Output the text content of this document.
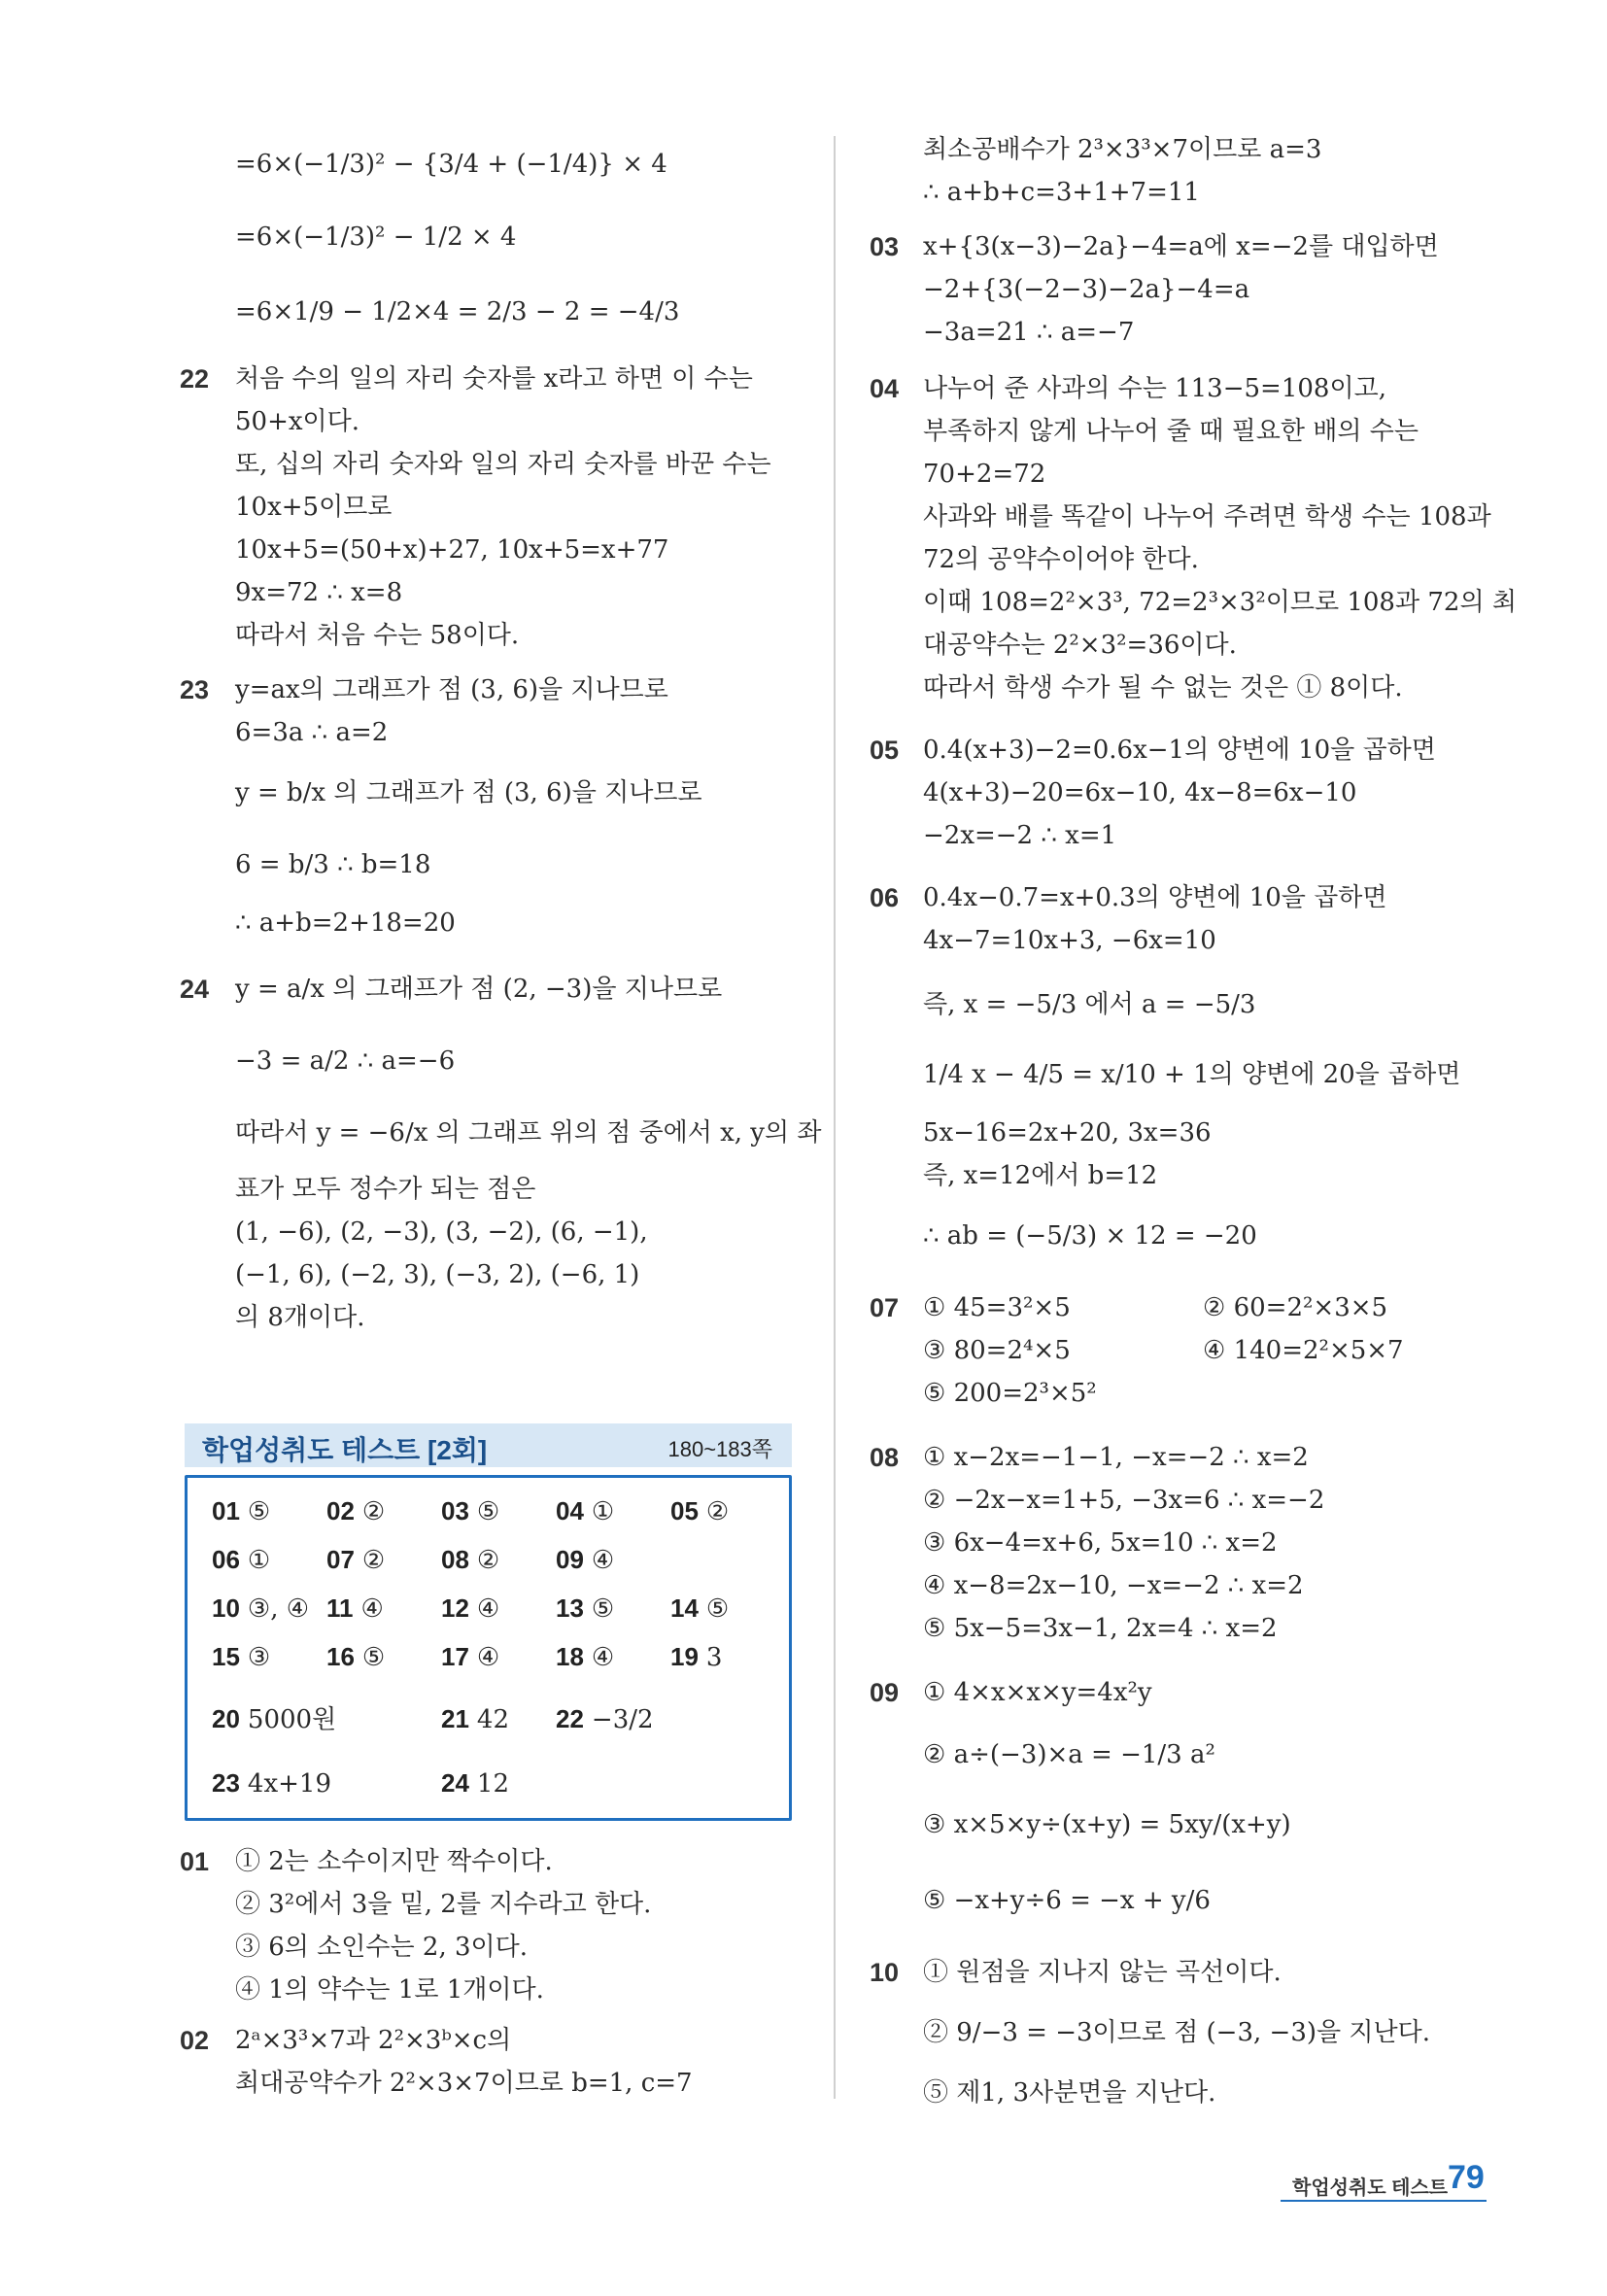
=6×(−1/3)² − {3/4 + (−1/4)} × 4
=6×(−1/3)² − 1/2 × 4
=6×1/9 − 1/2×4 = 2/3 − 2 = −4/3
22 처음 수의 일의 자리 숫자를 x라고 하면 이 수는
50+x이다.
또, 십의 자리 숫자와 일의 자리 숫자를 바꾼 수는
10x+5이므로
10x+5=(50+x)+27, 10x+5=x+77
9x=72 ∴ x=8
따라서 처음 수는 58이다.
23 y=ax의 그래프가 점 (3, 6)을 지나므로
6=3a ∴ a=2
y = b/x 의 그래프가 점 (3, 6)을 지나므로
6 = b/3 ∴ b=18
∴ a+b=2+18=20
24 y = a/x 의 그래프가 점 (2, −3)을 지나므로
−3 = a/2 ∴ a=−6
따라서 y = −6/x 의 그래프 위의 점 중에서 x, y의 좌
표가 모두 정수가 되는 점은
(1, −6), (2, −3), (3, −2), (6, −1),
(−1, 6), (−2, 3), (−3, 2), (−6, 1)
의 8개이다.
학업성취도 테스트 [2회]	180~183쪽
01 ⑤ 02 ② 03 ⑤ 04 ① 05 ②
06 ① 07 ② 08 ② 09 ④
10 ③, ④ 11 ④ 12 ④ 13 ⑤ 14 ⑤
15 ③ 16 ⑤ 17 ④ 18 ④ 19 3
20 5000원	21 42 22 −3/2
23 4x+19	24 12
01 ① 2는 소수이지만 짝수이다.
② 3²에서 3을 밑, 2를 지수라고 한다.
③ 6의 소인수는 2, 3이다.
④ 1의 약수는 1로 1개이다.
02 2ᵃ×3³×7과 2²×3ᵇ×c의
최대공약수가 2²×3×7이므로 b=1, c=7
최소공배수가 2³×3³×7이므로 a=3
∴ a+b+c=3+1+7=11
03 x+{3(x−3)−2a}−4=a에 x=−2를 대입하면
−2+{3(−2−3)−2a}−4=a
−3a=21 ∴ a=−7
04 나누어 준 사과의 수는 113−5=108이고,
부족하지 않게 나누어 줄 때 필요한 배의 수는
70+2=72
사과와 배를 똑같이 나누어 주려면 학생 수는 108과
72의 공약수이어야 한다.
이때 108=2²×3³, 72=2³×3²이므로 108과 72의 최
대공약수는 2²×3²=36이다.
따라서 학생 수가 될 수 없는 것은 ① 8이다.
05 0.4(x+3)−2=0.6x−1의 양변에 10을 곱하면
4(x+3)−20=6x−10, 4x−8=6x−10
−2x=−2 ∴ x=1
06 0.4x−0.7=x+0.3의 양변에 10을 곱하면
4x−7=10x+3, −6x=10
즉, x = −5/3 에서 a = −5/3
1/4 x − 4/5 = x/10 + 1의 양변에 20을 곱하면
5x−16=2x+20, 3x=36
즉, x=12에서 b=12
∴ ab = (−5/3) × 12 = −20
07 ① 45=3²×5	② 60=2²×3×5
③ 80=2⁴×5	④ 140=2²×5×7
⑤ 200=2³×5²
08 ① x−2x=−1−1, −x=−2 ∴ x=2
② −2x−x=1+5, −3x=6 ∴ x=−2
③ 6x−4=x+6, 5x=10 ∴ x=2
④ x−8=2x−10, −x=−2 ∴ x=2
⑤ 5x−5=3x−1, 2x=4 ∴ x=2
09 ① 4×x×x×y=4x²y
② a÷(−3)×a = −1/3 a²
③ x×5×y÷(x+y) = 5xy/(x+y)
⑤ −x+y÷6 = −x + y/6
10 ① 원점을 지나지 않는 곡선이다.
② 9/−3 = −3이므로 점 (−3, −3)을 지난다.
⑤ 제1, 3사분면을 지난다.
학업성취도 테스트 79
